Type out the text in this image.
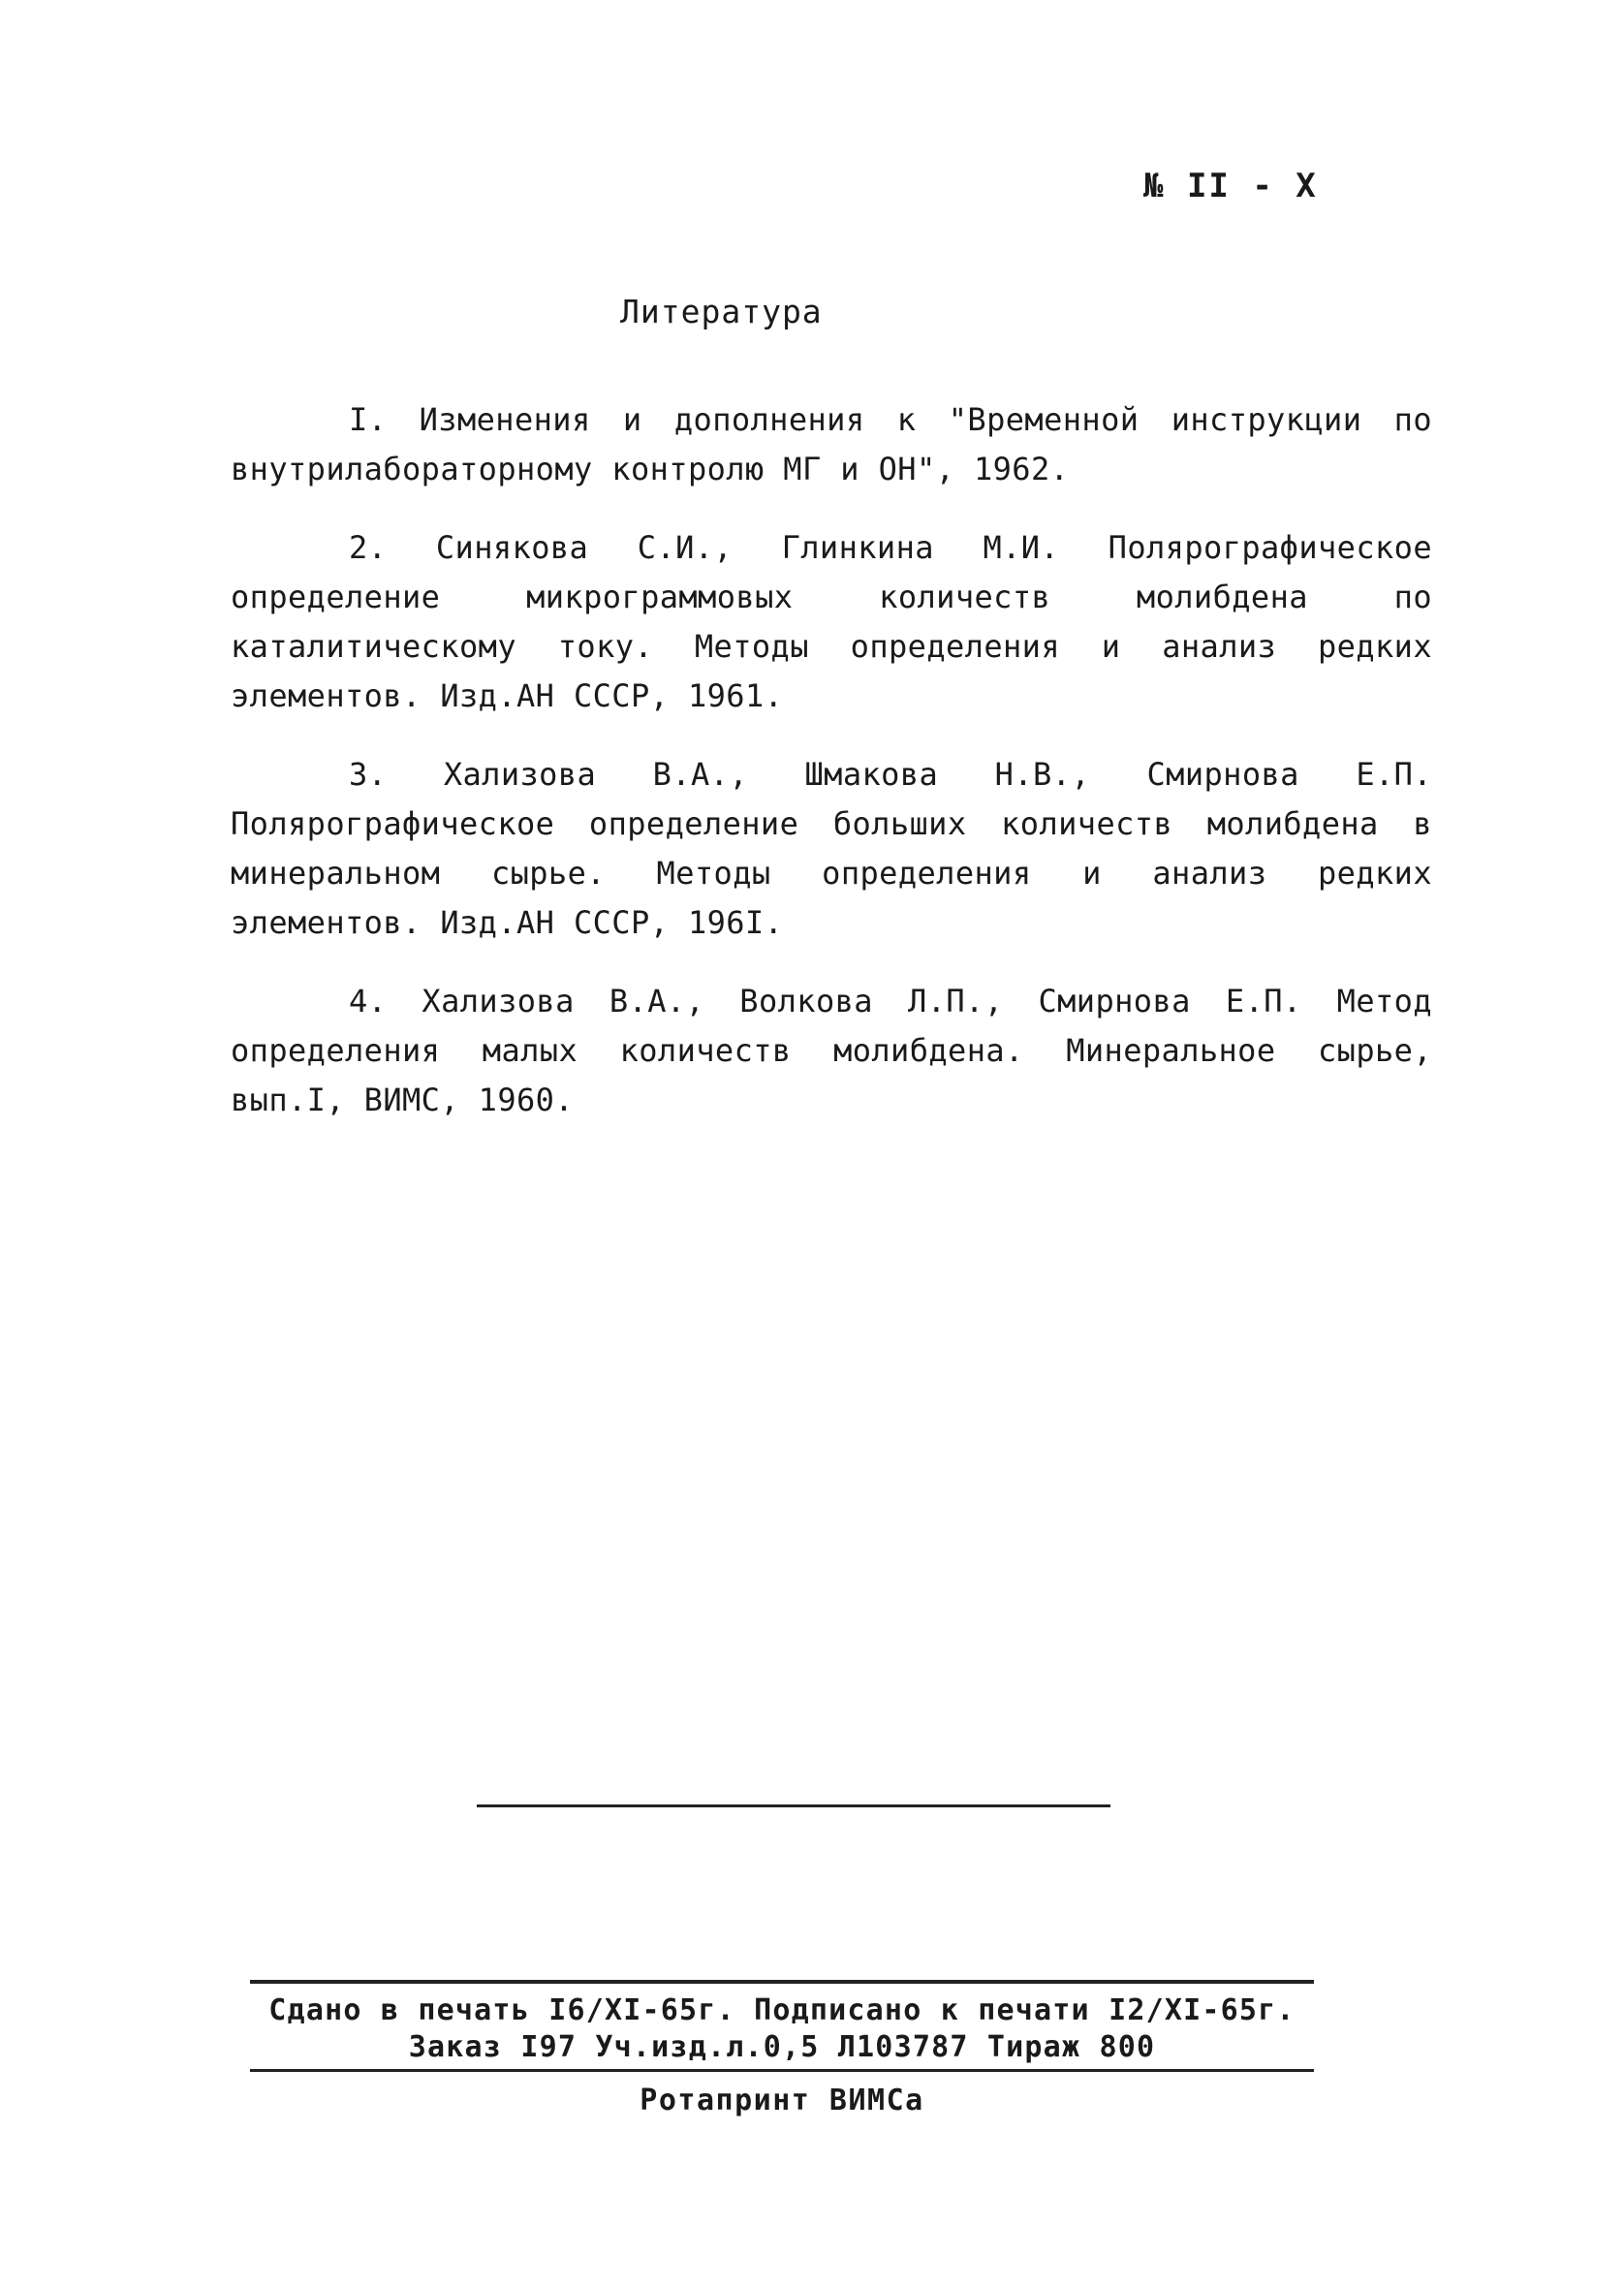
№ II - X
Литература

I. Изменения и дополнения к "Временной инструкции по внутрилабораторному контролю МГ и ОН", 1962.

2. Синякова С.И., Глинкина М.И. Полярографическое определение микрограммовых количеств молибдена по каталитическому току. Методы определения и анализ редких элементов. Изд.АН СССР, 1961.

3. Хализова В.А., Шмакова Н.В., Смирнова Е.П. Полярографическое определение больших количеств молибдена в минеральном сырье. Методы определения и анализ редких элементов. Изд.АН СССР, 196I.

4. Хализова В.А., Волкова Л.П., Смирнова Е.П. Метод определения малых количеств молибдена. Минеральное сырье, вып.I, ВИМС, 1960.

Сдано в печать I6/XI-65г. Подписано к печати I2/XI-65г.
Заказ I97 Уч.изд.л.0,5 Л103787 Тираж 800
Ротапринт ВИМСа
